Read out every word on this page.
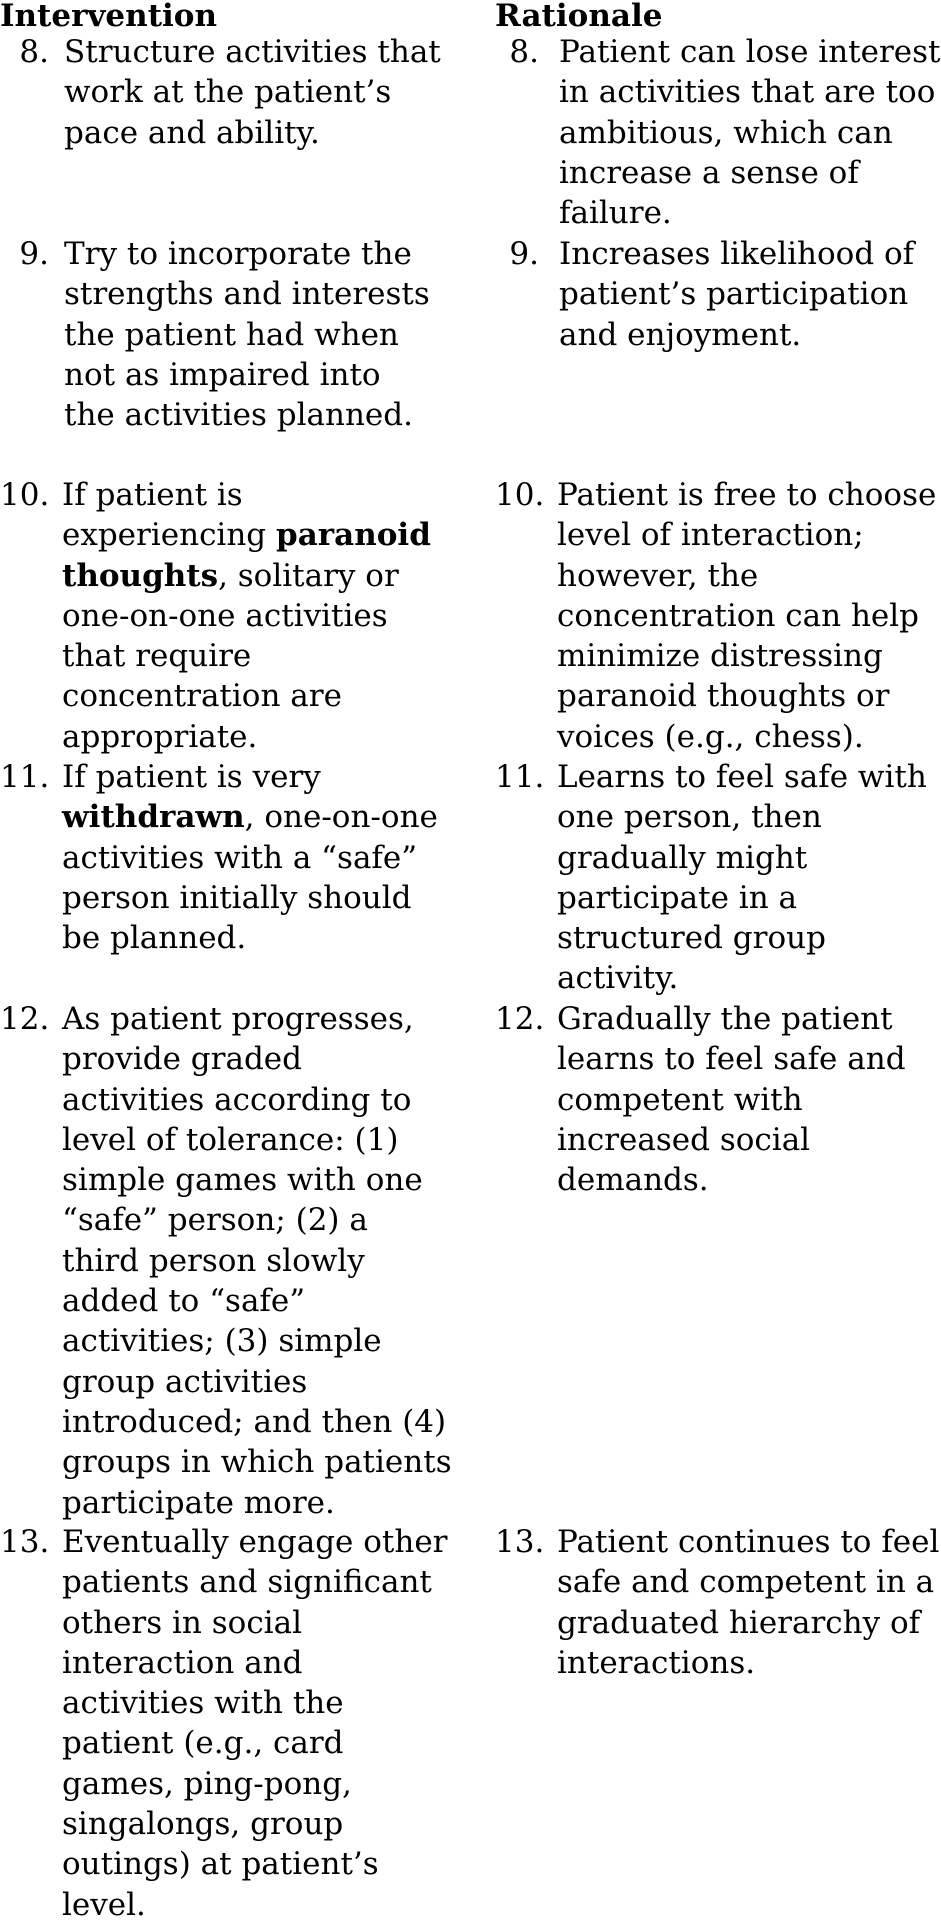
Intervention	Rationale
8. Structure activities that work at the patient’s pace and ability.
8. Patient can lose interest in activities that are too ambitious, which can increase a sense of failure.
9. Try to incorporate the strengths and interests the patient had when not as impaired into the activities planned.
9. Increases likelihood of patient’s participation and enjoyment.
10. If patient is experiencing paranoid thoughts, solitary or one-on-one activities that require concentration are appropriate.
10. Patient is free to choose level of interaction; however, the concentration can help minimize distressing paranoid thoughts or voices (e.g., chess).
11. If patient is very withdrawn, one-on-one activities with a “safe” person initially should be planned.
11. Learns to feel safe with one person, then gradually might participate in a structured group activity.
12. As patient progresses, provide graded activities according to level of tolerance: (1) simple games with one “safe” person; (2) a third person slowly added to “safe” activities; (3) simple group activities introduced; and then (4) groups in which patients participate more.
12. Gradually the patient learns to feel safe and competent with increased social demands.
13. Eventually engage other patients and significant others in social interaction and activities with the patient (e.g., card games, ping-pong, singalongs, group outings) at patient’s level.
13. Patient continues to feel safe and competent in a graduated hierarchy of interactions.
